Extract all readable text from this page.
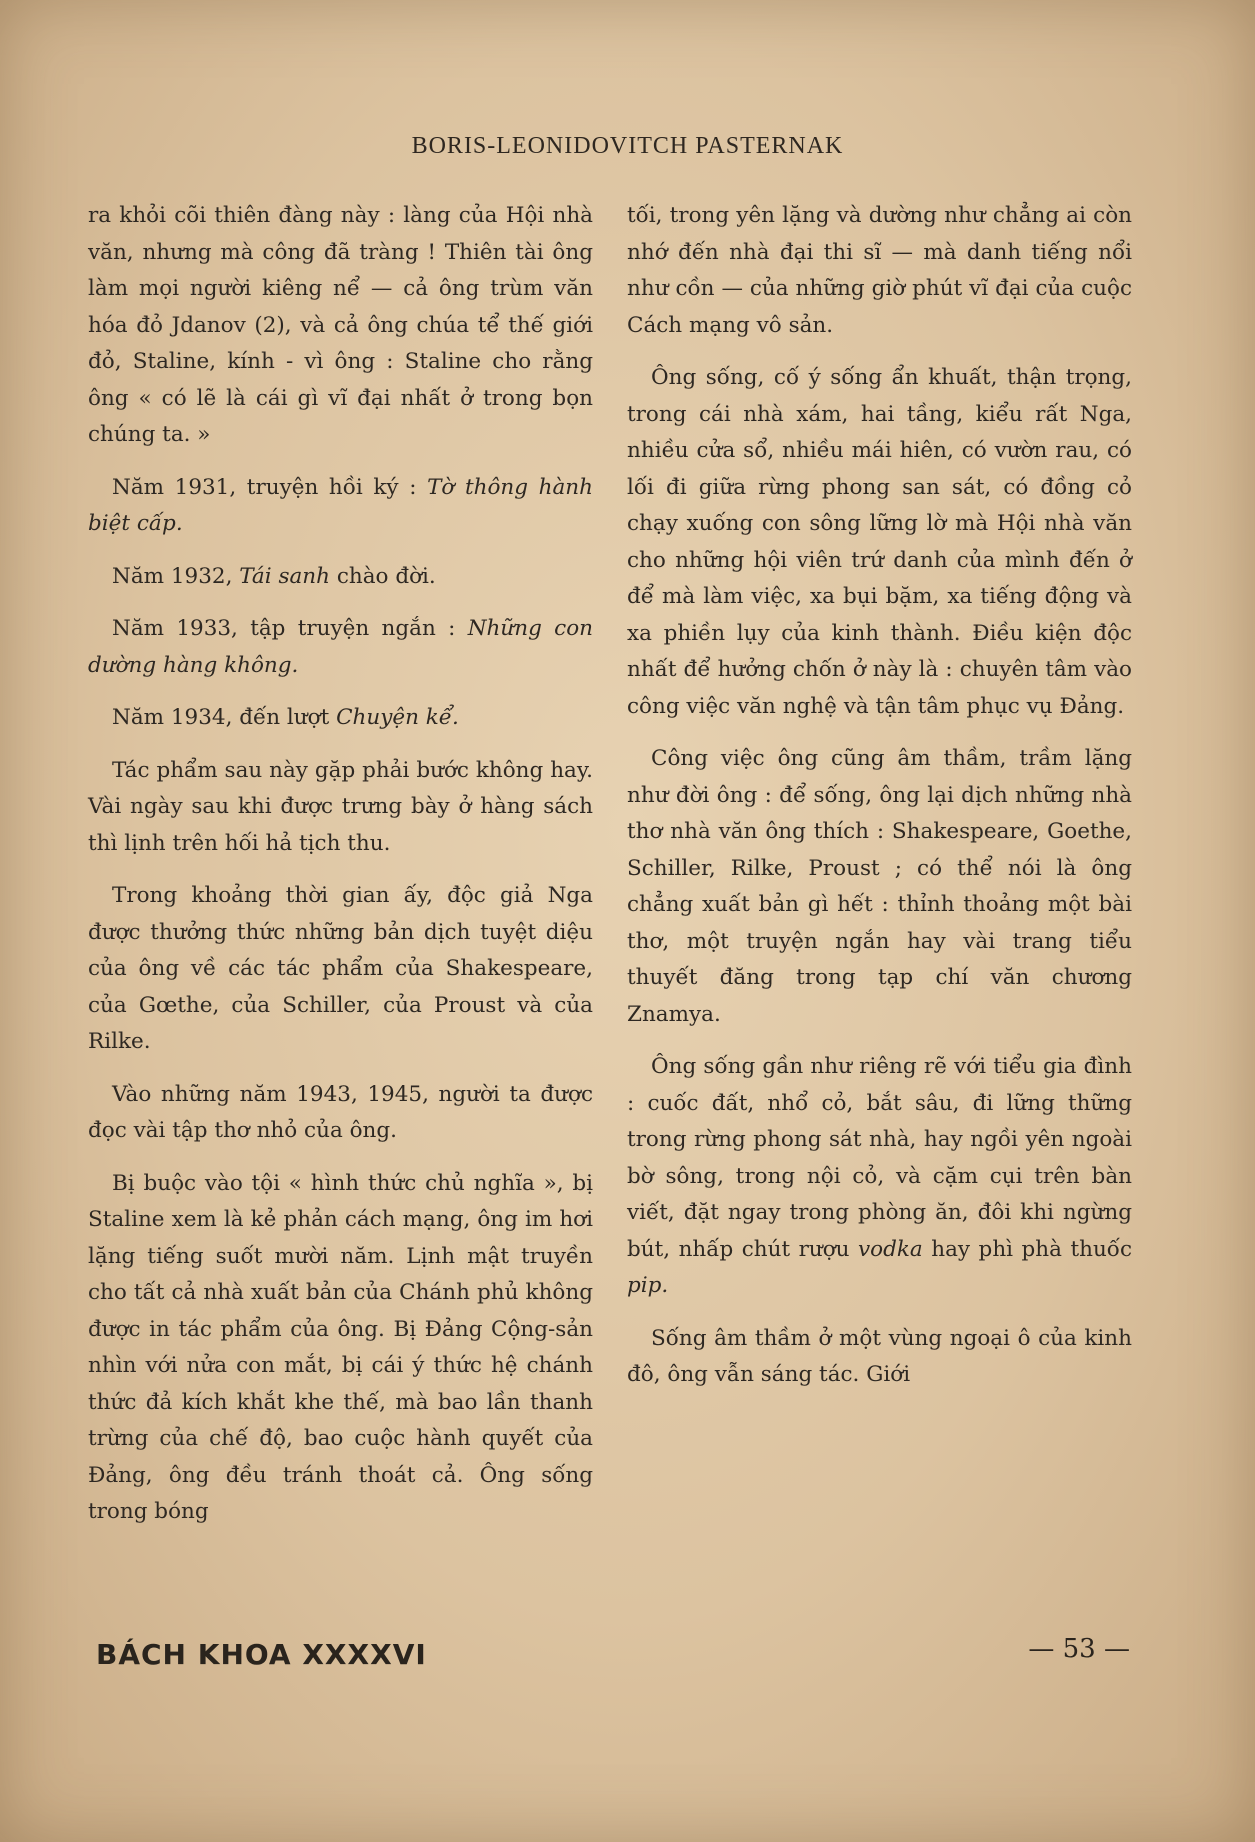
BORIS-LEONIDOVITCH PASTERNAK

ra khỏi cõi thiên đàng này : làng của Hội nhà văn, nhưng mà công đã tràng ! Thiên tài ông làm mọi người kiêng nể — cả ông trùm văn hóa đỏ Jdanov (2), và cả ông chúa tể thế giới đỏ, Staline, kính - vì ông : Staline cho rằng ông « có lẽ là cái gì vĩ đại nhất ở trong bọn chúng ta. »

Năm 1931, truyện hồi ký : Tờ thông hành biệt cấp.

Năm 1932, Tái sanh chào đời.

Năm 1933, tập truyện ngắn : Những con dường hàng không.

Năm 1934, đến lượt Chuyện kể.

Tác phẩm sau này gặp phải bước không hay. Vài ngày sau khi được trưng bày ở hàng sách thì lịnh trên hối hả tịch thu.

Trong khoảng thời gian ấy, độc giả Nga được thưởng thức những bản dịch tuyệt diệu của ông về các tác phẩm của Shakespeare, của Gœthe, của Schiller, của Proust và của Rilke.

Vào những năm 1943, 1945, người ta được đọc vài tập thơ nhỏ của ông.

Bị buộc vào tội « hình thức chủ nghĩa », bị Staline xem là kẻ phản cách mạng, ông im hơi lặng tiếng suốt mười năm. Lịnh mật truyền cho tất cả nhà xuất bản của Chánh phủ không được in tác phẩm của ông. Bị Đảng Cộng-sản nhìn với nửa con mắt, bị cái ý thức hệ chánh thức đả kích khắt khe thế, mà bao lần thanh trừng của chế độ, bao cuộc hành quyết của Đảng, ông đều tránh thoát cả. Ông sống trong bóng

tối, trong yên lặng và dường như chẳng ai còn nhớ đến nhà đại thi sĩ — mà danh tiếng nổi như cồn — của những giờ phút vĩ đại của cuộc Cách mạng vô sản.

Ông sống, cố ý sống ẩn khuất, thận trọng, trong cái nhà xám, hai tầng, kiểu rất Nga, nhiều cửa sổ, nhiều mái hiên, có vườn rau, có lối đi giữa rừng phong san sát, có đồng cỏ chạy xuống con sông lững lờ mà Hội nhà văn cho những hội viên trứ danh của mình đến ở để mà làm việc, xa bụi bặm, xa tiếng động và xa phiền lụy của kinh thành. Điều kiện độc nhất để hưởng chốn ở này là : chuyên tâm vào công việc văn nghệ và tận tâm phục vụ Đảng.

Công việc ông cũng âm thầm, trầm lặng như đời ông : để sống, ông lại dịch những nhà thơ nhà văn ông thích : Shakespeare, Goethe, Schiller, Rilke, Proust ; có thể nói là ông chẳng xuất bản gì hết : thỉnh thoảng một bài thơ, một truyện ngắn hay vài trang tiểu thuyết đăng trong tạp chí văn chương Znamya.

Ông sống gần như riêng rẽ với tiểu gia đình : cuốc đất, nhổ cỏ, bắt sâu, đi lững thững trong rừng phong sát nhà, hay ngồi yên ngoài bờ sông, trong nội cỏ, và cặm cụi trên bàn viết, đặt ngay trong phòng ăn, đôi khi ngừng bút, nhấp chút rượu vodka hay phì phà thuốc pip.

Sống âm thầm ở một vùng ngoại ô của kinh đô, ông vẫn sáng tác. Giới

BÁCH KHOA XXXXVI	— 53 —
